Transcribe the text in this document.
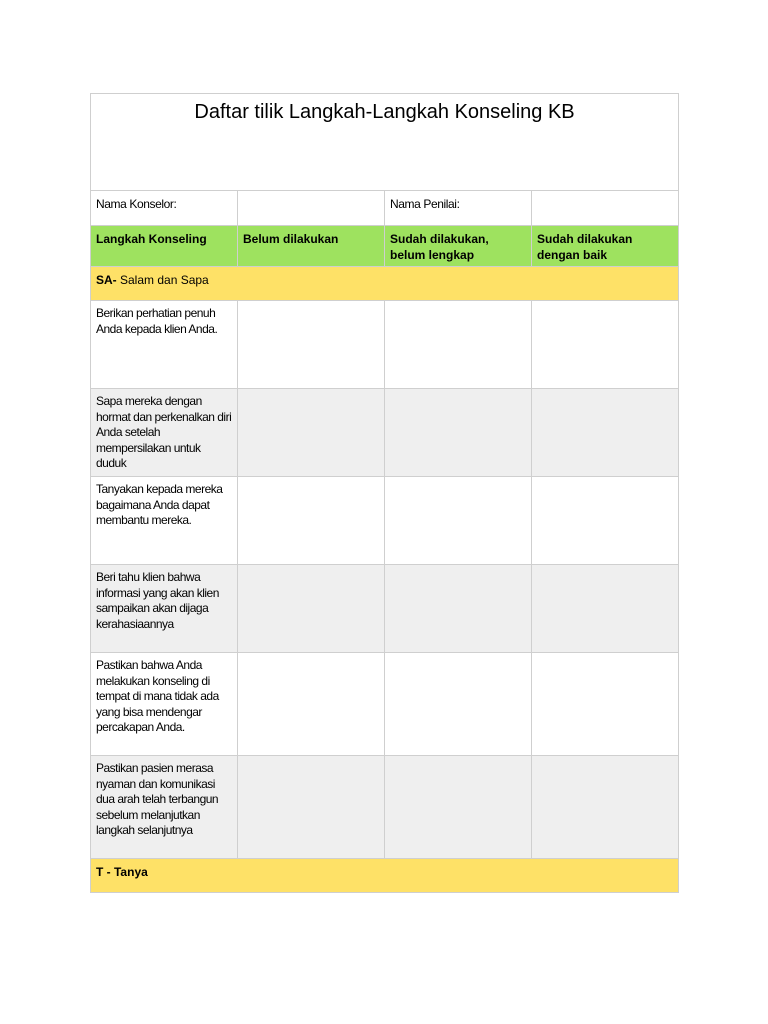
Daftar tilik Langkah-Langkah Konseling KB			

Nama Konselor:		Nama Penilai:	

Langkah Konseling	Belum dilakukan	Sudah dilakukan, belum lengkap	Sudah dilakukan dengan baik

SA- Salam dan Sapa			

Berikan perhatian penuh Anda kepada klien Anda.			

Sapa mereka dengan hormat dan perkenalkan diri Anda setelah mempersilakan untuk duduk			

Tanyakan kepada mereka bagaimana Anda dapat membantu mereka.			

Beri tahu klien bahwa informasi yang akan klien sampaikan akan dijaga kerahasiaannya			

Pastikan bahwa Anda melakukan konseling di tempat di mana tidak ada yang bisa mendengar percakapan Anda.			

Pastikan pasien merasa nyaman dan komunikasi dua arah telah terbangun sebelum melanjutkan langkah selanjutnya			

T - Tanya			
